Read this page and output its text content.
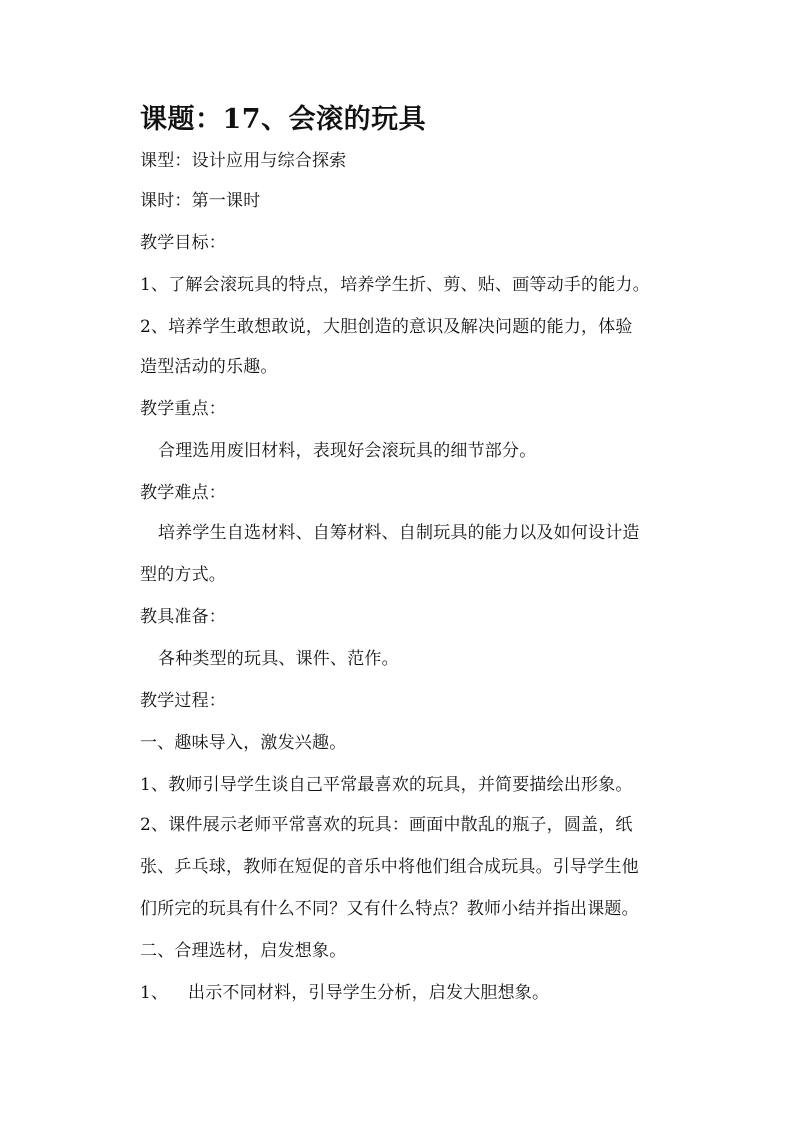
课题：17、会滚的玩具
课型：设计应用与综合探索
课时：第一课时
教学目标：
1、了解会滚玩具的特点，培养学生折、剪、贴、画等动手的能力。
2、培养学生敢想敢说，大胆创造的意识及解决问题的能力，体验
造型活动的乐趣。
教学重点：
合理选用废旧材料，表现好会滚玩具的细节部分。
教学难点：
培养学生自选材料、自筹材料、自制玩具的能力以及如何设计造
型的方式。
教具准备：
各种类型的玩具、课件、范作。
教学过程：
一、趣味导入，激发兴趣。
1、教师引导学生谈自己平常最喜欢的玩具，并简要描绘出形象。
2、课件展示老师平常喜欢的玩具：画面中散乱的瓶子，圆盖，纸
张、乒乓球，教师在短促的音乐中将他们组合成玩具。引导学生他
们所完的玩具有什么不同？又有什么特点？教师小结并指出课题。
二、合理选材，启发想象。
1、	出示不同材料，引导学生分析，启发大胆想象。
